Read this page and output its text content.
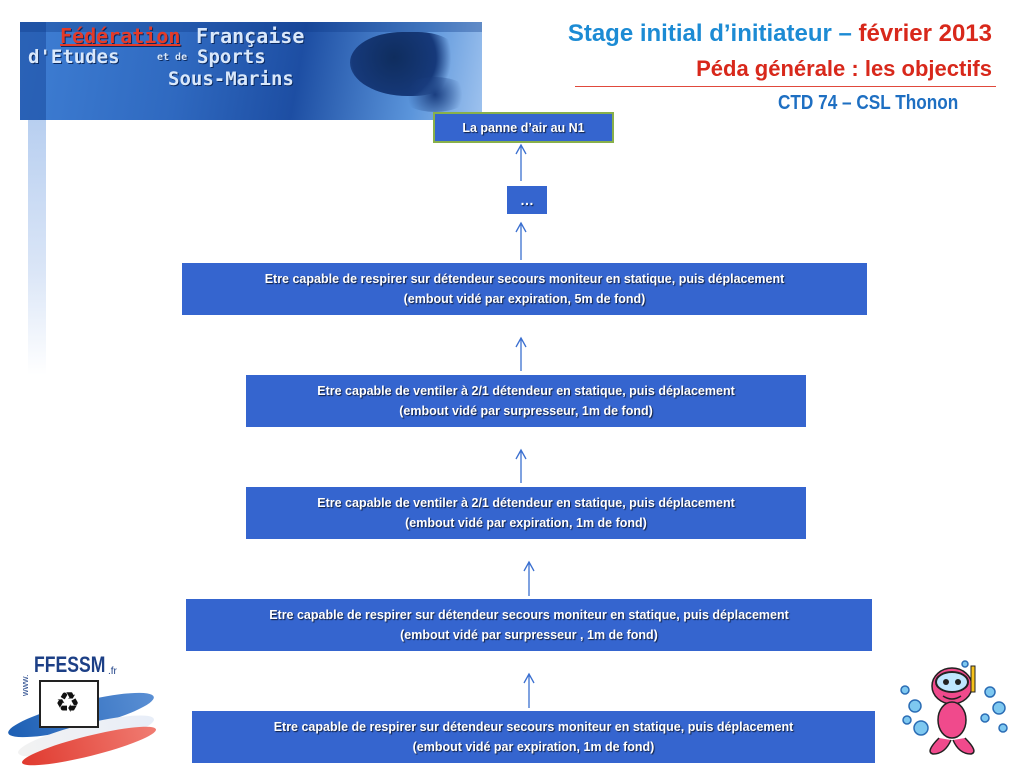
Fédération Française
d'Etudes	et de Sports
Sous-Marins
Stage initial d’initiateur – février 2013
Péda générale : les objectifs
CTD 74 – CSL Thonon
La panne d’air au N1
…
Etre capable de respirer sur détendeur secours moniteur en statique, puis déplacement
(embout vidé par expiration, 5m de fond)
Etre capable de ventiler à 2/1 détendeur en statique, puis déplacement
(embout vidé par surpresseur, 1m de fond)
Etre capable de ventiler à 2/1 détendeur en statique, puis déplacement
(embout vidé par expiration, 1m de fond)
Etre capable de respirer sur détendeur secours moniteur en statique, puis déplacement
(embout vidé par surpresseur , 1m de fond)
Etre capable de respirer sur détendeur secours moniteur en statique, puis déplacement
(embout vidé par expiration, 1m de fond)
FFESSM .fr
www.
♻
